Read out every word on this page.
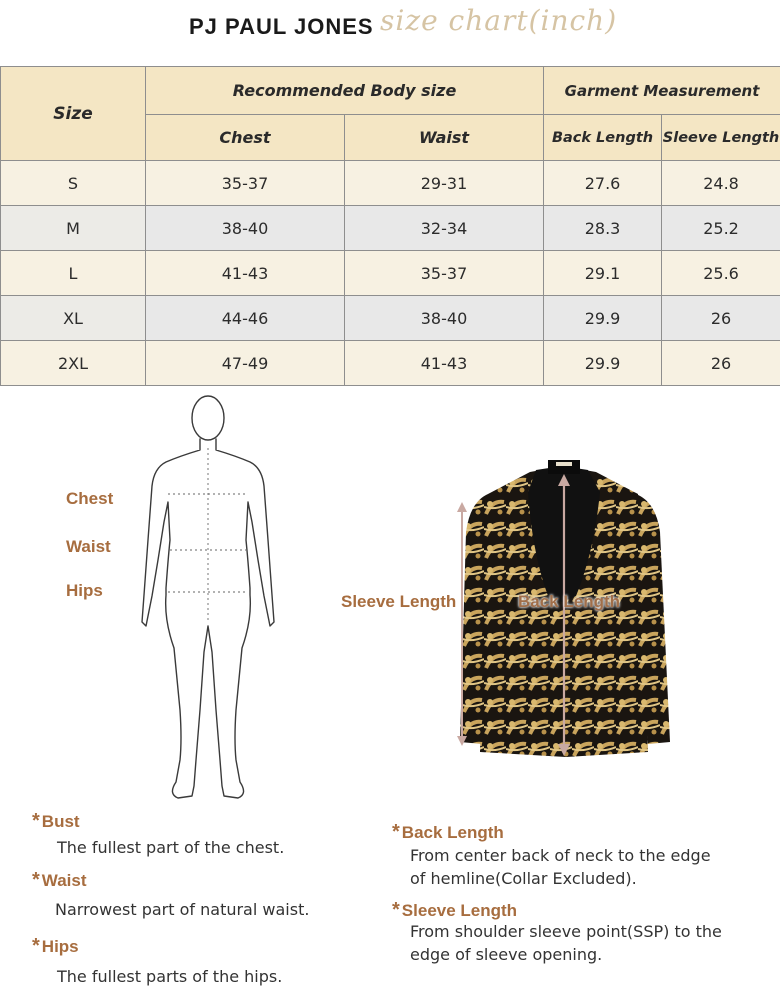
PJ PAUL JONES size chart(inch)
Size	Recommended Body size		Garment Measurement	
	Chest	Waist	Back Length	Sleeve Length
S	35-37	29-31	27.6	24.8
M	38-40	32-34	28.3	25.2
L	41-43	35-37	29.1	25.6
XL	44-46	38-40	29.9	26
2XL	47-49	41-43	29.9	26
Chest
Waist
Hips
Sleeve Length	Back Length
* Bust
The fullest part of the chest.
* Waist
Narrowest part of natural waist.
* Hips
The fullest parts of the hips.
* Back Length
From center back of neck to the edge
of hemline(Collar Excluded).
* Sleeve Length
From shoulder sleeve point(SSP) to the
edge of sleeve opening.
